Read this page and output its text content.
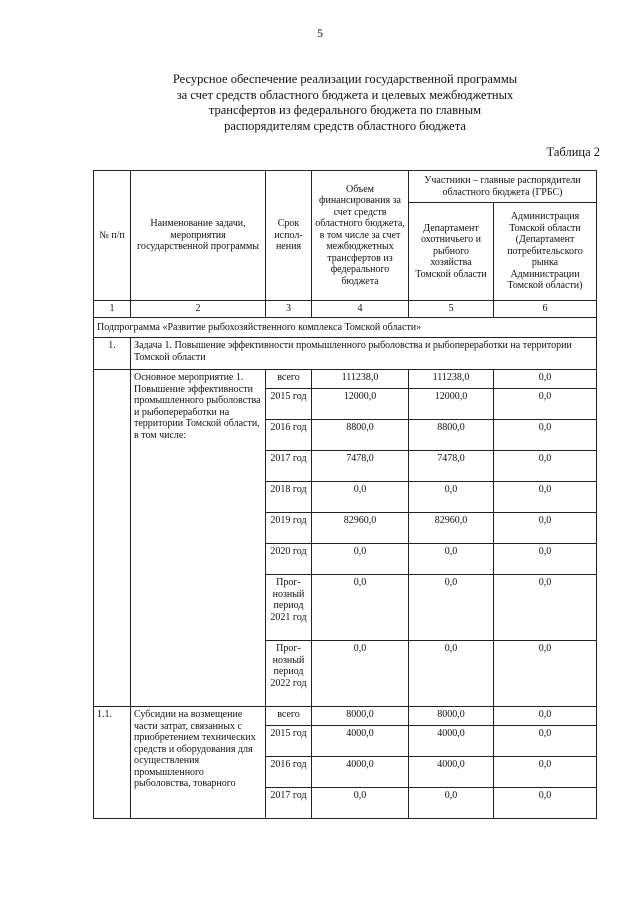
5
Ресурсное обеспечение реализации государственной программы
за счет средств областного бюджета и целевых межбюджетных
трансфертов из федерального бюджета по главным
распорядителям средств областного бюджета
Таблица 2
№ п/п	Наименование задачи, мероприятия государственной программы	Срок испол-нения	Объем финансирования за счет средств областного бюджета, в том числе за счет межбюджетных трансфертов из федерального бюджета	Участники – главные распорядители областного бюджета (ГРБС)	
				Департамент охотничьего и рыбного хозяйства Томской области	Администрация Томской области (Департамент потребительского рынка Администрации Томской области)
1	2	3	4	5	6
Подпрограмма «Развитие рыбохозяйственного комплекса Томской области»					
1.	Задача 1. Повышение эффективности промышленного рыболовства и рыбопереработки на территории Томской области				
	Основное мероприятие 1. Повышение эффективности промышленного рыболовства и рыбопереработки на территории Томской области, в том числе:	всего	111238,0	111238,0	0,0
		2015 год	12000,0	12000,0	0,0
		2016 год	8800,0	8800,0	0,0
		2017 год	7478,0	7478,0	0,0
		2018 год	0,0	0,0	0,0
		2019 год	82960,0	82960,0	0,0
		2020 год	0,0	0,0	0,0
		Прог-нозный период 2021 год	0,0	0,0	0,0
		Прог-нозный период 2022 год	0,0	0,0	0,0
1.1.	Субсидии на возмещение части затрат, связанных с приобретением технических средств и оборудования для осуществления промышленного рыболовства, товарного	всего	8000,0	8000,0	0,0
		2015 год	4000,0	4000,0	0,0
		2016 год	4000,0	4000,0	0,0
		2017 год	0,0	0,0	0,0
